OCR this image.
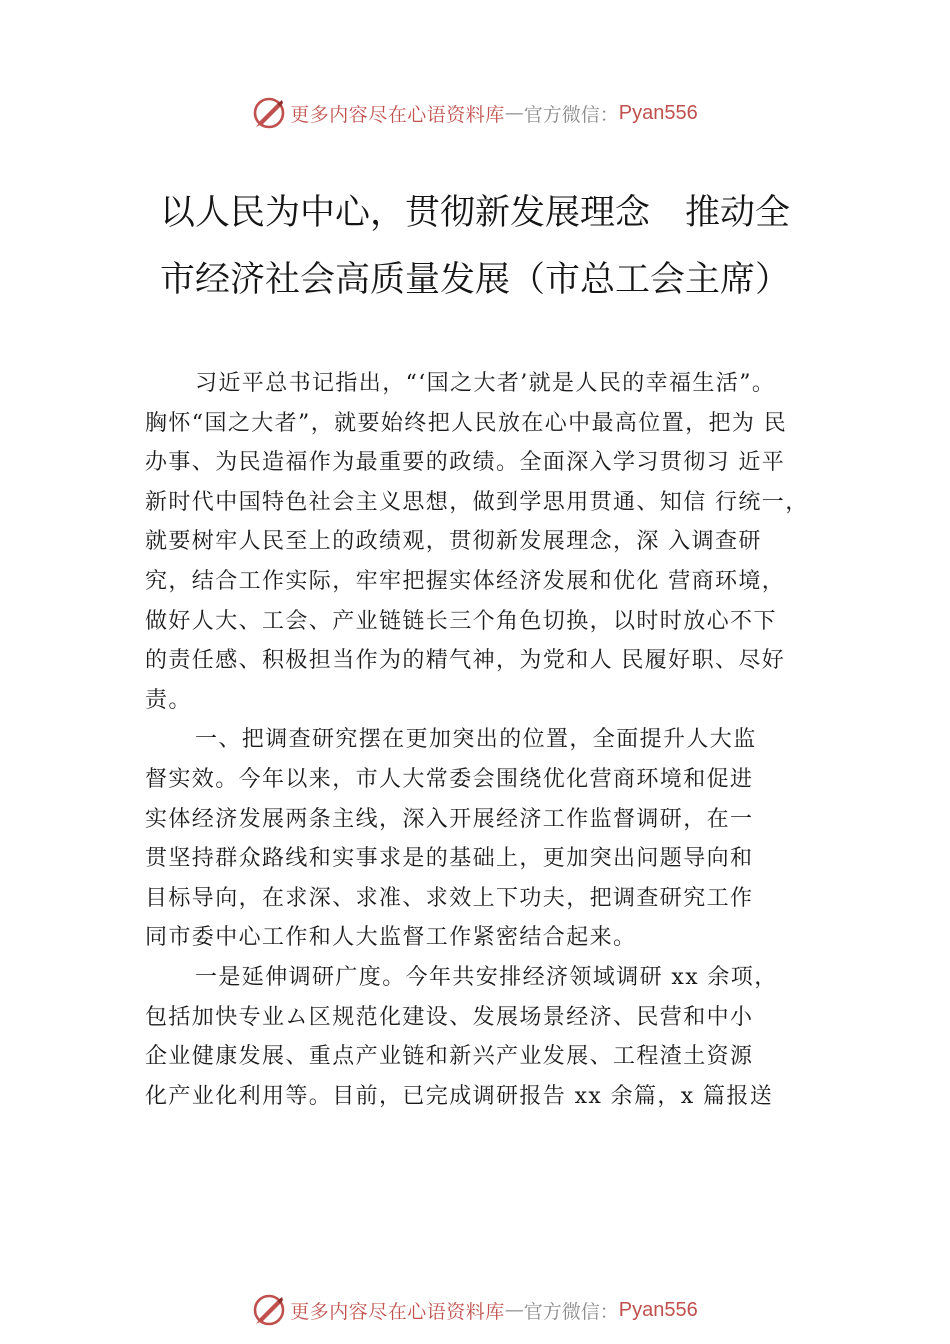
更多内容尽在心语资料库 — 官方微信： Pyan556
以人民为中心，贯彻新发展理念　推动全
市经济社会高质量发展（市总工会主席）
习近平总书记指出，“‘国之大者’就是人民的幸福生活”。
胸怀“国之大者”，就要始终把人民放在心中最高位置，把为 民
办事、为民造福作为最重要的政绩。全面深入学习贯彻习 近平
新时代中国特色社会主义思想，做到学思用贯通、知信 行统一，
就要树牢人民至上的政绩观，贯彻新发展理念，深 入调查研
究，结合工作实际，牢牢把握实体经济发展和优化 营商环境，
做好人大、工会、产业链链长三个角色切换，以时时放心不下
的责任感、积极担当作为的精气神，为党和人 民履好职、尽好
责。
一、把调查研究摆在更加突出的位置，全面提升人大监
督实效。今年以来，市人大常委会围绕优化营商环境和促进
实体经济发展两条主线，深入开展经济工作监督调研，在一
贯坚持群众路线和实事求是的基础上，更加突出问题导向和
目标导向，在求深、求准、求效上下功夫，把调查研究工作
同市委中心工作和人大监督工作紧密结合起来。
一是延伸调研广度。今年共安排经济领域调研 xx 余项，
包括加快专业ム区规范化建设、发展场景经济、民营和中小
企业健康发展、重点产业链和新兴产业发展、工程渣土资源
化产业化利用等。目前，已完成调研报告 xx 余篇，x 篇报送
更多内容尽在心语资料库 — 官方微信： Pyan556
